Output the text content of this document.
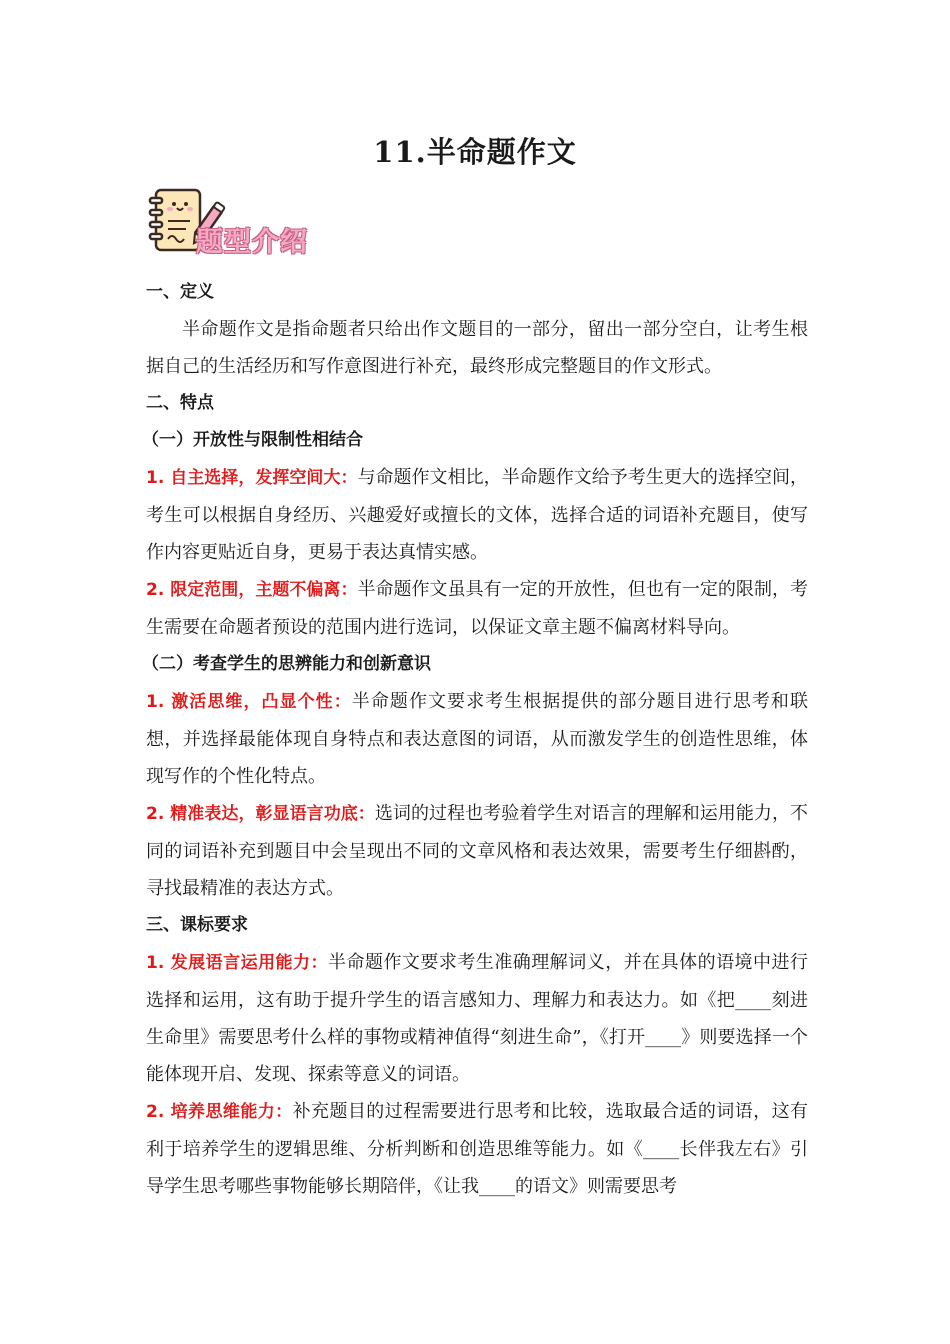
11.半命题作文
题型介绍
一、定义
半命题作文是指命题者只给出作文题目的一部分，留出一部分空白，让考生根据自己的生活经历和写作意图进行补充，最终形成完整题目的作文形式。
二、特点
（一）开放性与限制性相结合
1. 自主选择，发挥空间大：与命题作文相比，半命题作文给予考生更大的选择空间，考生可以根据自身经历、兴趣爱好或擅长的文体，选择合适的词语补充题目，使写作内容更贴近自身，更易于表达真情实感。
2. 限定范围，主题不偏离：半命题作文虽具有一定的开放性，但也有一定的限制，考生需要在命题者预设的范围内进行选词，以保证文章主题不偏离材料导向。
（二）考查学生的思辨能力和创新意识
1. 激活思维，凸显个性：半命题作文要求考生根据提供的部分题目进行思考和联想，并选择最能体现自身特点和表达意图的词语，从而激发学生的创造性思维，体现写作的个性化特点。
2. 精准表达，彰显语言功底：选词的过程也考验着学生对语言的理解和运用能力，不同的词语补充到题目中会呈现出不同的文章风格和表达效果，需要考生仔细斟酌，寻找最精准的表达方式。
三、课标要求
1. 发展语言运用能力：半命题作文要求考生准确理解词义，并在具体的语境中进行选择和运用，这有助于提升学生的语言感知力、理解力和表达力。如《把____刻进生命里》需要思考什么样的事物或精神值得“刻进生命”，《打开____》则要选择一个能体现开启、发现、探索等意义的词语。
2. 培养思维能力：补充题目的过程需要进行思考和比较，选取最合适的词语，这有利于培养学生的逻辑思维、分析判断和创造思维等能力。如《____长伴我左右》引导学生思考哪些事物能够长期陪伴，《让我____的语文》则需要思考
